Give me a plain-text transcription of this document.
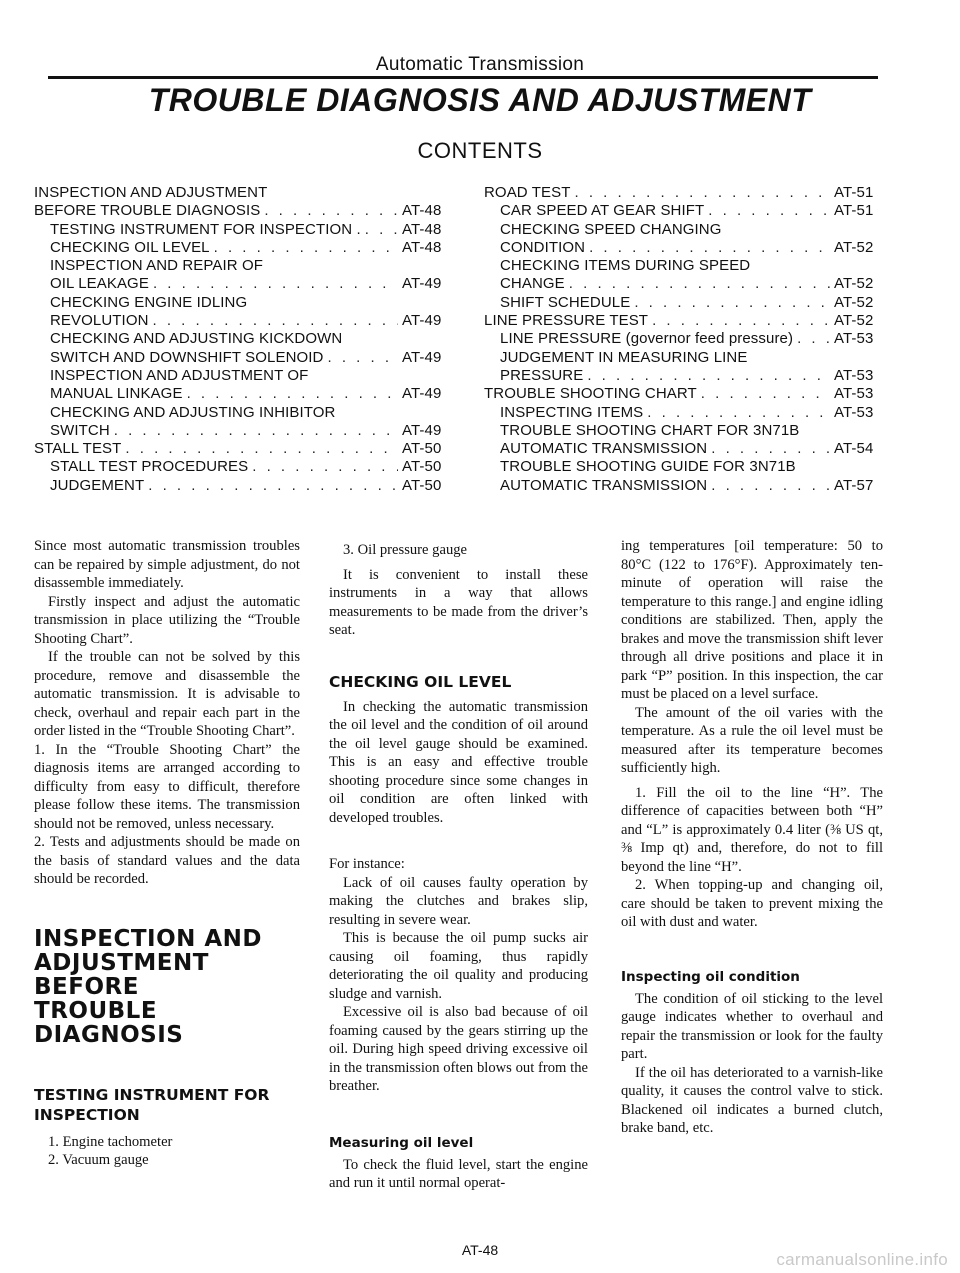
Automatic Transmission
TROUBLE DIAGNOSIS AND ADJUSTMENT
CONTENTS
INSPECTION AND ADJUSTMENT
BEFORE TROUBLE DIAGNOSIS . . .	AT-48
TESTING INSTRUMENT FOR INSPECTION . . . .	AT-48
CHECKING OIL LEVEL . . .	AT-48
INSPECTION AND REPAIR OF
OIL LEAKAGE . . .	AT-49
CHECKING ENGINE IDLING
REVOLUTION . . .	AT-49
CHECKING AND ADJUSTING KICKDOWN
SWITCH AND DOWNSHIFT SOLENOID . . .	AT-49
INSPECTION AND ADJUSTMENT OF
MANUAL LINKAGE . . .	AT-49
CHECKING AND ADJUSTING INHIBITOR
SWITCH . . .	AT-49
STALL TEST . . .	AT-50
STALL TEST PROCEDURES . . .	AT-50
JUDGEMENT . . .	AT-50
ROAD TEST . . .	AT-51
CAR SPEED AT GEAR SHIFT . . .	AT-51
CHECKING SPEED CHANGING
CONDITION . . .	AT-52
CHECKING ITEMS DURING SPEED
CHANGE . . .	AT-52
SHIFT SCHEDULE . . .	AT-52
LINE PRESSURE TEST . . .	AT-52
LINE PRESSURE (governor feed pressure) . . .	AT-53
JUDGEMENT IN MEASURING LINE
PRESSURE . . .	AT-53
TROUBLE SHOOTING CHART . . .	AT-53
INSPECTING ITEMS . . .	AT-53
TROUBLE SHOOTING CHART FOR 3N71B
AUTOMATIC TRANSMISSION . . .	AT-54
TROUBLE SHOOTING GUIDE FOR 3N71B
AUTOMATIC TRANSMISSION . . .	AT-57

Since most automatic transmission troubles can be repaired by simple adjustment, do not disassemble immediately.

Firstly inspect and adjust the automatic transmission in place utilizing the “Trouble Shooting Chart”.

If the trouble can not be solved by this procedure, remove and disassemble the automatic transmission. It is advisable to check, overhaul and repair each part in the order listed in the “Trouble Shooting Chart”.

1. In the “Trouble Shooting Chart” the diagnosis items are arranged according to difficulty from easy to difficult, therefore please follow these items. The transmission should not be removed, unless necessary.

2. Tests and adjustments should be made on the basis of standard values and the data should be recorded.

INSPECTION AND
ADJUSTMENT
BEFORE
TROUBLE DIAGNOSIS
TESTING INSTRUMENT FOR
INSPECTION

1. Engine tachometer

2. Vacuum gauge

3. Oil pressure gauge

It is convenient to install these instruments in a way that allows measurements to be made from the driver’s seat.

CHECKING OIL LEVEL

In checking the automatic transmission the oil level and the condition of oil around the oil level gauge should be examined. This is an easy and effective trouble shooting procedure since some changes in oil condition are often linked with developed troubles.

For instance:

Lack of oil causes faulty operation by making the clutches and brakes slip, resulting in severe wear.

This is because the oil pump sucks air causing oil foaming, thus rapidly deteriorating the oil quality and producing sludge and varnish.

Excessive oil is also bad because of oil foaming caused by the gears stirring up the oil. During high speed driving excessive oil in the transmission often blows out from the breather.

Measuring oil level

To check the fluid level, start the engine and run it until normal operat-

ing temperatures [oil temperature: 50 to 80°C (122 to 176°F). Approximately ten-minute of operation will raise the temperature to this range.] and engine idling conditions are stabilized. Then, apply the brakes and move the transmission shift lever through all drive positions and place it in park “P” position. In this inspection, the car must be placed on a level surface.

The amount of the oil varies with the temperature. As a rule the oil level must be measured after its temperature becomes sufficiently high.

1. Fill the oil to the line “H”. The difference of capacities between both “H” and “L” is approximately 0.4 liter (⅜ US qt, ⅜ Imp qt) and, therefore, do not to fill beyond the line “H”.

2. When topping-up and changing oil, care should be taken to prevent mixing the oil with dust and water.

Inspecting oil condition

The condition of oil sticking to the level gauge indicates whether to overhaul and repair the transmission or look for the faulty part.

If the oil has deteriorated to a varnish-like quality, it causes the control valve to stick. Blackened oil indicates a burned clutch, brake band, etc.

AT-48	carmanualsonline.info
